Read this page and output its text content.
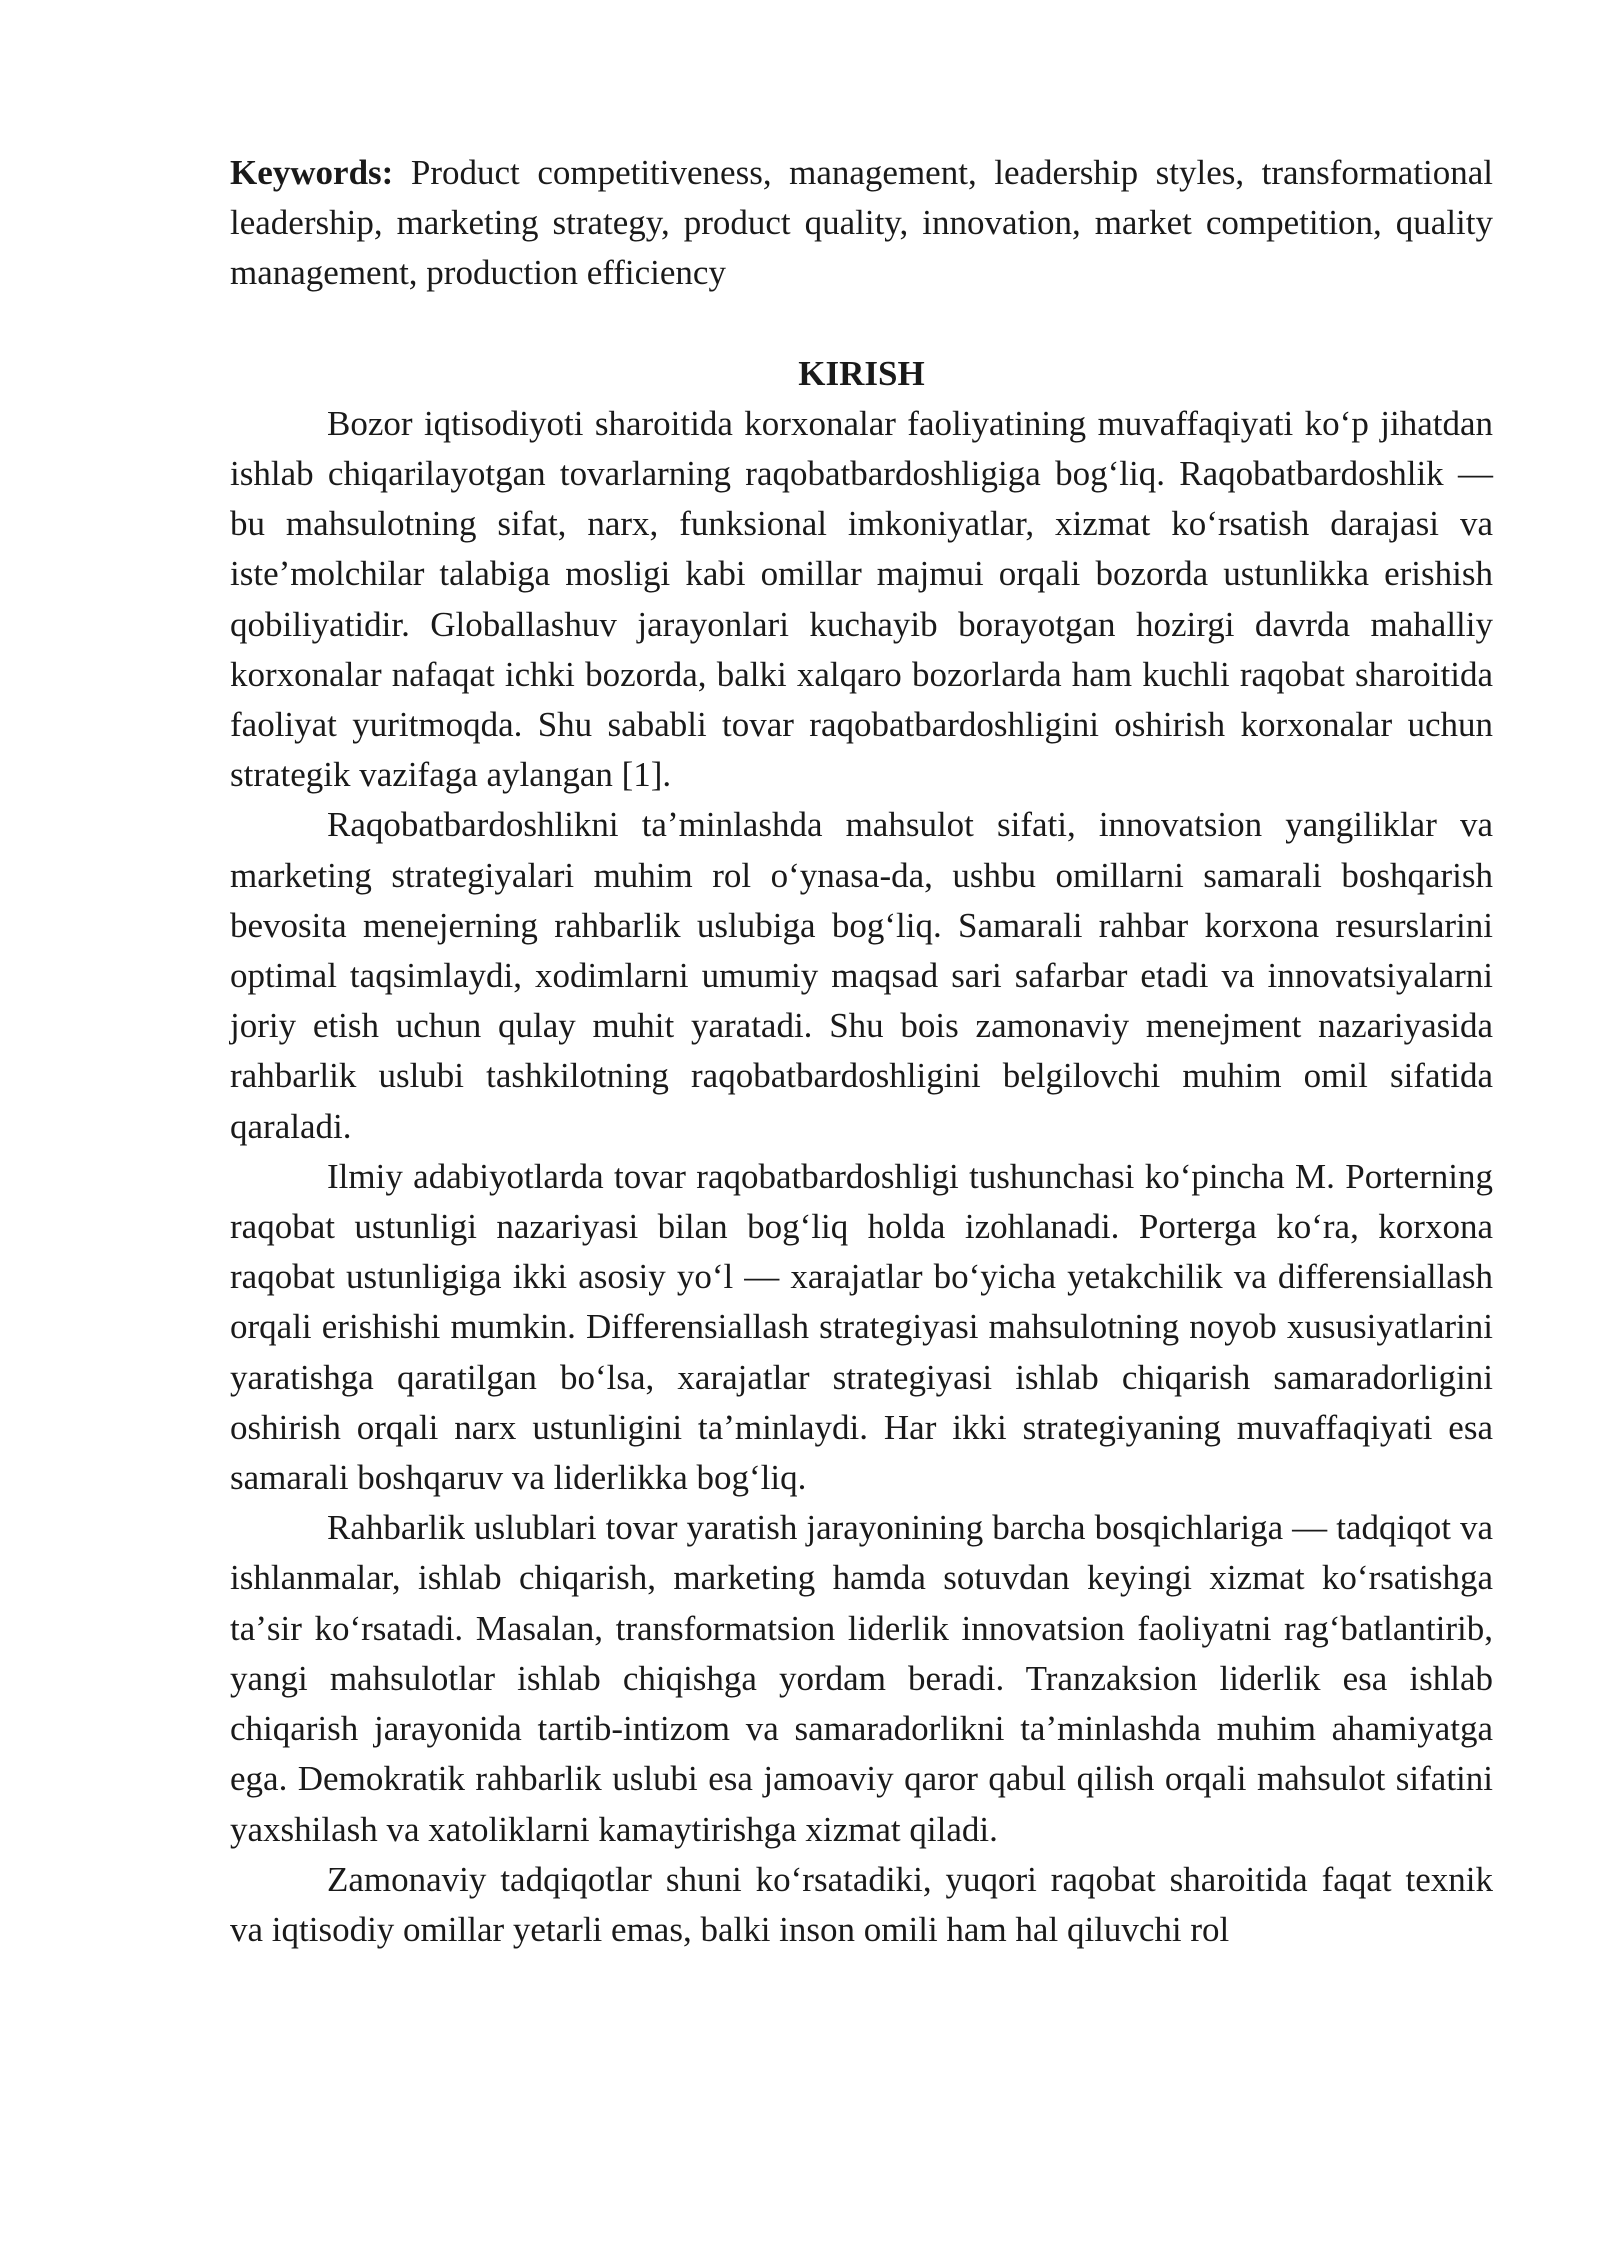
Keywords: Product competitiveness, management, leadership styles, transformational leadership, marketing strategy, product quality, innovation, market competition, quality management, production efficiency

KIRISH

Bozor iqtisodiyoti sharoitida korxonalar faoliyatining muvaffaqiyati koʻp jihatdan ishlab chiqarilayotgan tovarlarning raqobatbardoshligiga bogʻliq. Raqobatbardoshlik — bu mahsulotning sifat, narx, funksional imkoniyatlar, xizmat koʻrsatish darajasi va isteʼmolchilar talabiga mosligi kabi omillar majmui orqali bozorda ustunlikka erishish qobiliyatidir. Globallashuv jarayonlari kuchayib borayotgan hozirgi davrda mahalliy korxonalar nafaqat ichki bozorda, balki xalqaro bozorlarda ham kuchli raqobat sharoitida faoliyat yuritmoqda. Shu sababli tovar raqobatbardoshligini oshirish korxonalar uchun strategik vazifaga aylangan [1].

Raqobatbardoshlikni taʼminlashda mahsulot sifati, innovatsion yangiliklar va marketing strategiyalari muhim rol oʻynasa-da, ushbu omillarni samarali boshqarish bevosita menejerning rahbarlik uslubiga bogʻliq. Samarali rahbar korxona resurslarini optimal taqsimlaydi, xodimlarni umumiy maqsad sari safarbar etadi va innovatsiyalarni joriy etish uchun qulay muhit yaratadi. Shu bois zamonaviy menejment nazariyasida rahbarlik uslubi tashkilotning raqobatbardoshligini belgilovchi muhim omil sifatida qaraladi.

Ilmiy adabiyotlarda tovar raqobatbardoshligi tushunchasi koʻpincha M. Porterning raqobat ustunligi nazariyasi bilan bogʻliq holda izohlanadi. Porterga koʻra, korxona raqobat ustunligiga ikki asosiy yoʻl — xarajatlar boʻyicha yetakchilik va differensiallash orqali erishishi mumkin. Differensiallash strategiyasi mahsulotning noyob xususiyatlarini yaratishga qaratilgan boʻlsa, xarajatlar strategiyasi ishlab chiqarish samaradorligini oshirish orqali narx ustunligini taʼminlaydi. Har ikki strategiyaning muvaffaqiyati esa samarali boshqaruv va liderlikka bogʻliq.

Rahbarlik uslublari tovar yaratish jarayonining barcha bosqichlariga — tadqiqot va ishlanmalar, ishlab chiqarish, marketing hamda sotuvdan keyingi xizmat koʻrsatishga taʼsir koʻrsatadi. Masalan, transformatsion liderlik innovatsion faoliyatni ragʻbatlantirib, yangi mahsulotlar ishlab chiqishga yordam beradi. Tranzaksion liderlik esa ishlab chiqarish jarayonida tartib-intizom va samaradorlikni taʼminlashda muhim ahamiyatga ega. Demokratik rahbarlik uslubi esa jamoaviy qaror qabul qilish orqali mahsulot sifatini yaxshilash va xatoliklarni kamaytirishga xizmat qiladi.

Zamonaviy tadqiqotlar shuni koʻrsatadiki, yuqori raqobat sharoitida faqat texnik va iqtisodiy omillar yetarli emas, balki inson omili ham hal qiluvchi rol
